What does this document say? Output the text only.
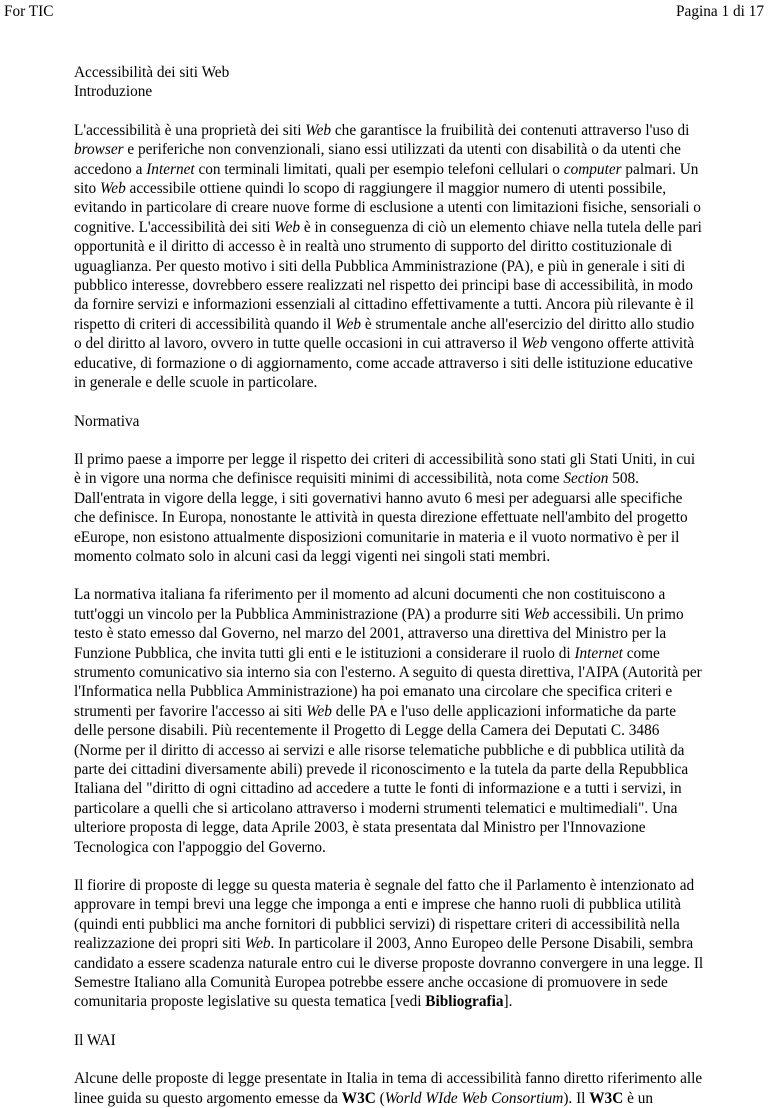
For TIC	Pagina 1 di 17

Accessibilità dei siti Web

Introduzione

L'accessibilità è una proprietà dei siti Web che garantisce la fruibilità dei contenuti attraverso l'uso di browser e periferiche non convenzionali, siano essi utilizzati da utenti con disabilità o da utenti che accedono a Internet con terminali limitati, quali per esempio telefoni cellulari o computer palmari. Un sito Web accessibile ottiene quindi lo scopo di raggiungere il maggior numero di utenti possibile, evitando in particolare di creare nuove forme di esclusione a utenti con limitazioni fisiche, sensoriali o cognitive. L'accessibilità dei siti Web è in conseguenza di ciò un elemento chiave nella tutela delle pari opportunità e il diritto di accesso è in realtà uno strumento di supporto del diritto costituzionale di uguaglianza. Per questo motivo i siti della Pubblica Amministrazione (PA), e più in generale i siti di pubblico interesse, dovrebbero essere realizzati nel rispetto dei principi base di accessibilità, in modo da fornire servizi e informazioni essenziali al cittadino effettivamente a tutti. Ancora più rilevante è il rispetto di criteri di accessibilità quando il Web è strumentale anche all'esercizio del diritto allo studio o del diritto al lavoro, ovvero in tutte quelle occasioni in cui attraverso il Web vengono offerte attività educative, di formazione o di aggiornamento, come accade attraverso i siti delle istituzione educative in generale e delle scuole in particolare.

Normativa

Il primo paese a imporre per legge il rispetto dei criteri di accessibilità sono stati gli Stati Uniti, in cui è in vigore una norma che definisce requisiti minimi di accessibilità, nota come Section 508. Dall'entrata in vigore della legge, i siti governativi hanno avuto 6 mesi per adeguarsi alle specifiche che definisce. In Europa, nonostante le attività in questa direzione effettuate nell'ambito del progetto eEurope, non esistono attualmente disposizioni comunitarie in materia e il vuoto normativo è per il momento colmato solo in alcuni casi da leggi vigenti nei singoli stati membri.

La normativa italiana fa riferimento per il momento ad alcuni documenti che non costituiscono a tutt'oggi un vincolo per la Pubblica Amministrazione (PA) a produrre siti Web accessibili. Un primo testo è stato emesso dal Governo, nel marzo del 2001, attraverso una direttiva del Ministro per la Funzione Pubblica, che invita tutti gli enti e le istituzioni a considerare il ruolo di Internet come strumento comunicativo sia interno sia con l'esterno. A seguito di questa direttiva, l'AIPA (Autorità per l'Informatica nella Pubblica Amministrazione) ha poi emanato una circolare che specifica criteri e strumenti per favorire l'accesso ai siti Web delle PA e l'uso delle applicazioni informatiche da parte delle persone disabili. Più recentemente il Progetto di Legge della Camera dei Deputati C. 3486 (Norme per il diritto di accesso ai servizi e alle risorse telematiche pubbliche e di pubblica utilità da parte dei cittadini diversamente abili) prevede il riconoscimento e la tutela da parte della Repubblica Italiana del "diritto di ogni cittadino ad accedere a tutte le fonti di informazione e a tutti i servizi, in particolare a quelli che si articolano attraverso i moderni strumenti telematici e multimediali". Una ulteriore proposta di legge, data Aprile 2003, è stata presentata dal Ministro per l'Innovazione Tecnologica con l'appoggio del Governo.

Il fiorire di proposte di legge su questa materia è segnale del fatto che il Parlamento è intenzionato ad approvare in tempi brevi una legge che imponga a enti e imprese che hanno ruoli di pubblica utilità (quindi enti pubblici ma anche fornitori di pubblici servizi) di rispettare criteri di accessibilità nella realizzazione dei propri siti Web. In particolare il 2003, Anno Europeo delle Persone Disabili, sembra candidato a essere scadenza naturale entro cui le diverse proposte dovranno convergere in una legge. Il Semestre Italiano alla Comunità Europea potrebbe essere anche occasione di promuovere in sede comunitaria proposte legislative su questa tematica [vedi Bibliografia].

Il WAI

Alcune delle proposte di legge presentate in Italia in tema di accessibilità fanno diretto riferimento alle linee guida su questo argomento emesse da W3C (World WIde Web Consortium). Il W3C è un
